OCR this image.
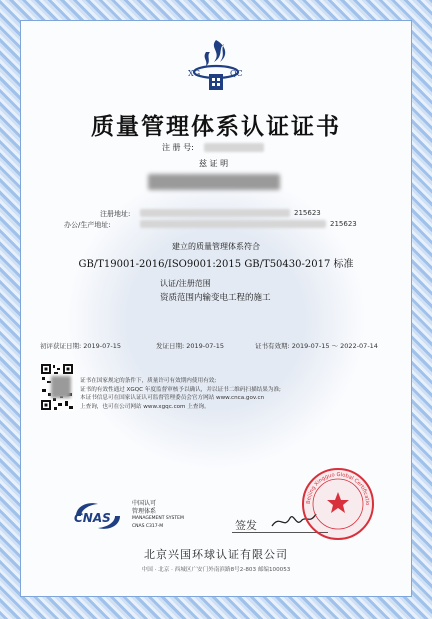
XG	QC
质量管理体系认证证书
注 册 号:
兹 证 明
注册地址:	215623
办公/生产地址:	215623
建立的质量管理体系符合
GB/T19001-2016/ISO9001:2015 GB/T50430-2017 标准
认证/注册范围
资质范围内输变电工程的施工
初评获证日期: 2019-07-15	发证日期: 2019-07-15	证书有效期: 2019-07-15 ～ 2022-07-14
证书在国家规定的条件下，质量许可有效期内使用有效;
证书的有效性通过 XGQC 年度监督审核予以确认，并以证书二维码扫描结果为准;
本证书信息可在国家认证认可监督管理委员会官方网站 www.cnca.gov.cn
上查询，也可在公司网站 www.xgqc.com 上查询。
CNAS
中国认可
管理体系
MANAGEMENT SYSTEM
CNAS C317-M	签发
Beijing Xingguo Global Certification
北京兴国环球认证有限公司
中国 · 北京 · 西城区广安门外南滨路8号2-803 邮编100053
